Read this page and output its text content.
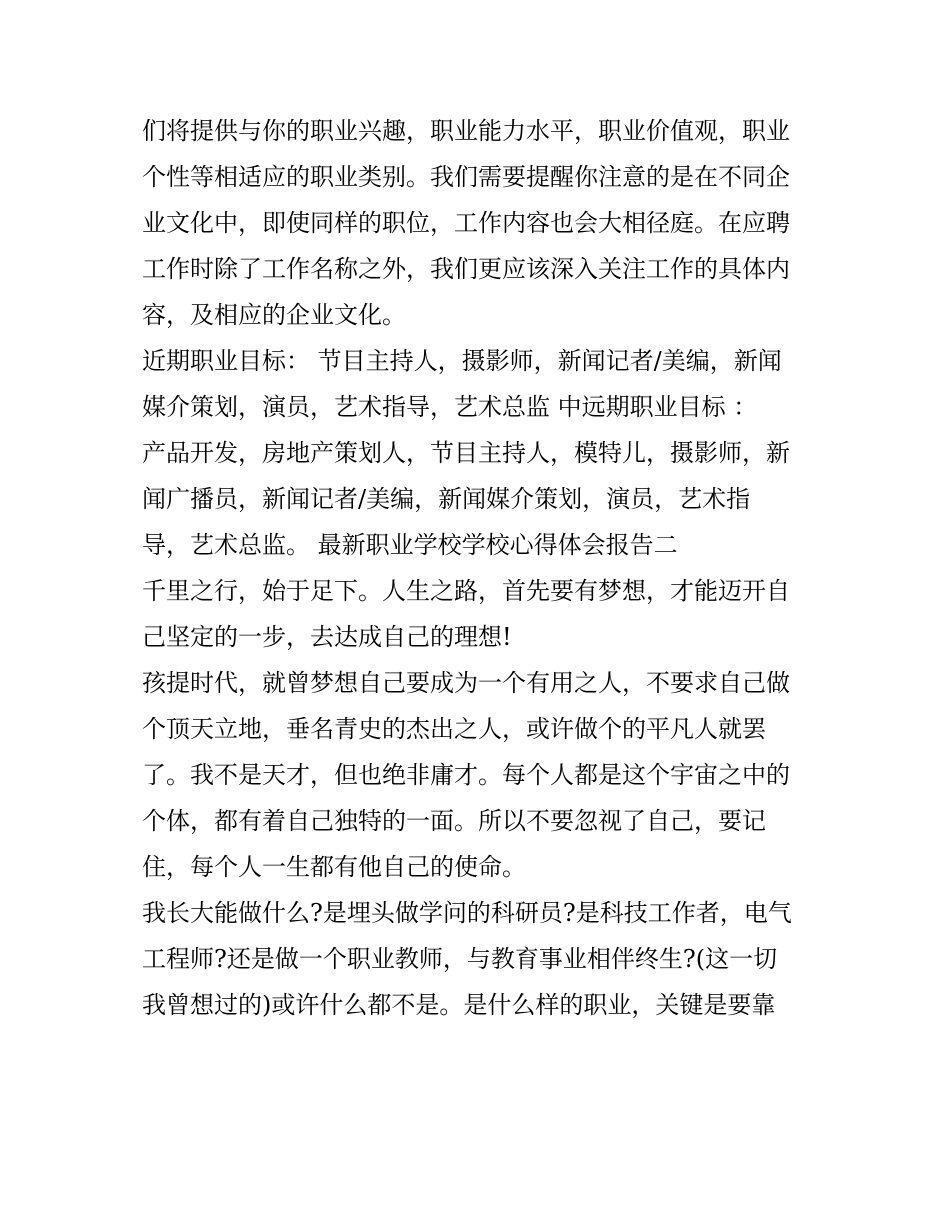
们将提供与你的职业兴趣，职业能力水平，职业价值观，职业
个性等相适应的职业类别。我们需要提醒你注意的是在不同企
业文化中，即使同样的职位，工作内容也会大相径庭。在应聘
工作时除了工作名称之外，我们更应该深入关注工作的具体内
容，及相应的企业文化。
近期职业目标： 节目主持人，摄影师，新闻记者/美编，新闻
媒介策划，演员，艺术指导，艺术总监 中远期职业目标 ：
产品开发，房地产策划人，节目主持人，模特儿，摄影师，新
闻广播员，新闻记者/美编，新闻媒介策划，演员，艺术指
导，艺术总监。 最新职业学校学校心得体会报告二
千里之行，始于足下。人生之路，首先要有梦想，才能迈开自
己坚定的一步，去达成自己的理想!
孩提时代，就曾梦想自己要成为一个有用之人，不要求自己做
个顶天立地，垂名青史的杰出之人，或许做个的平凡人就罢
了。我不是天才，但也绝非庸才。每个人都是这个宇宙之中的
个体，都有着自己独特的一面。所以不要忽视了自己，要记
住，每个人一生都有他自己的使命。
我长大能做什么?是埋头做学问的科研员?是科技工作者，电气
工程师?还是做一个职业教师，与教育事业相伴终生?(这一切
我曾想过的)或许什么都不是。是什么样的职业，关键是要靠
